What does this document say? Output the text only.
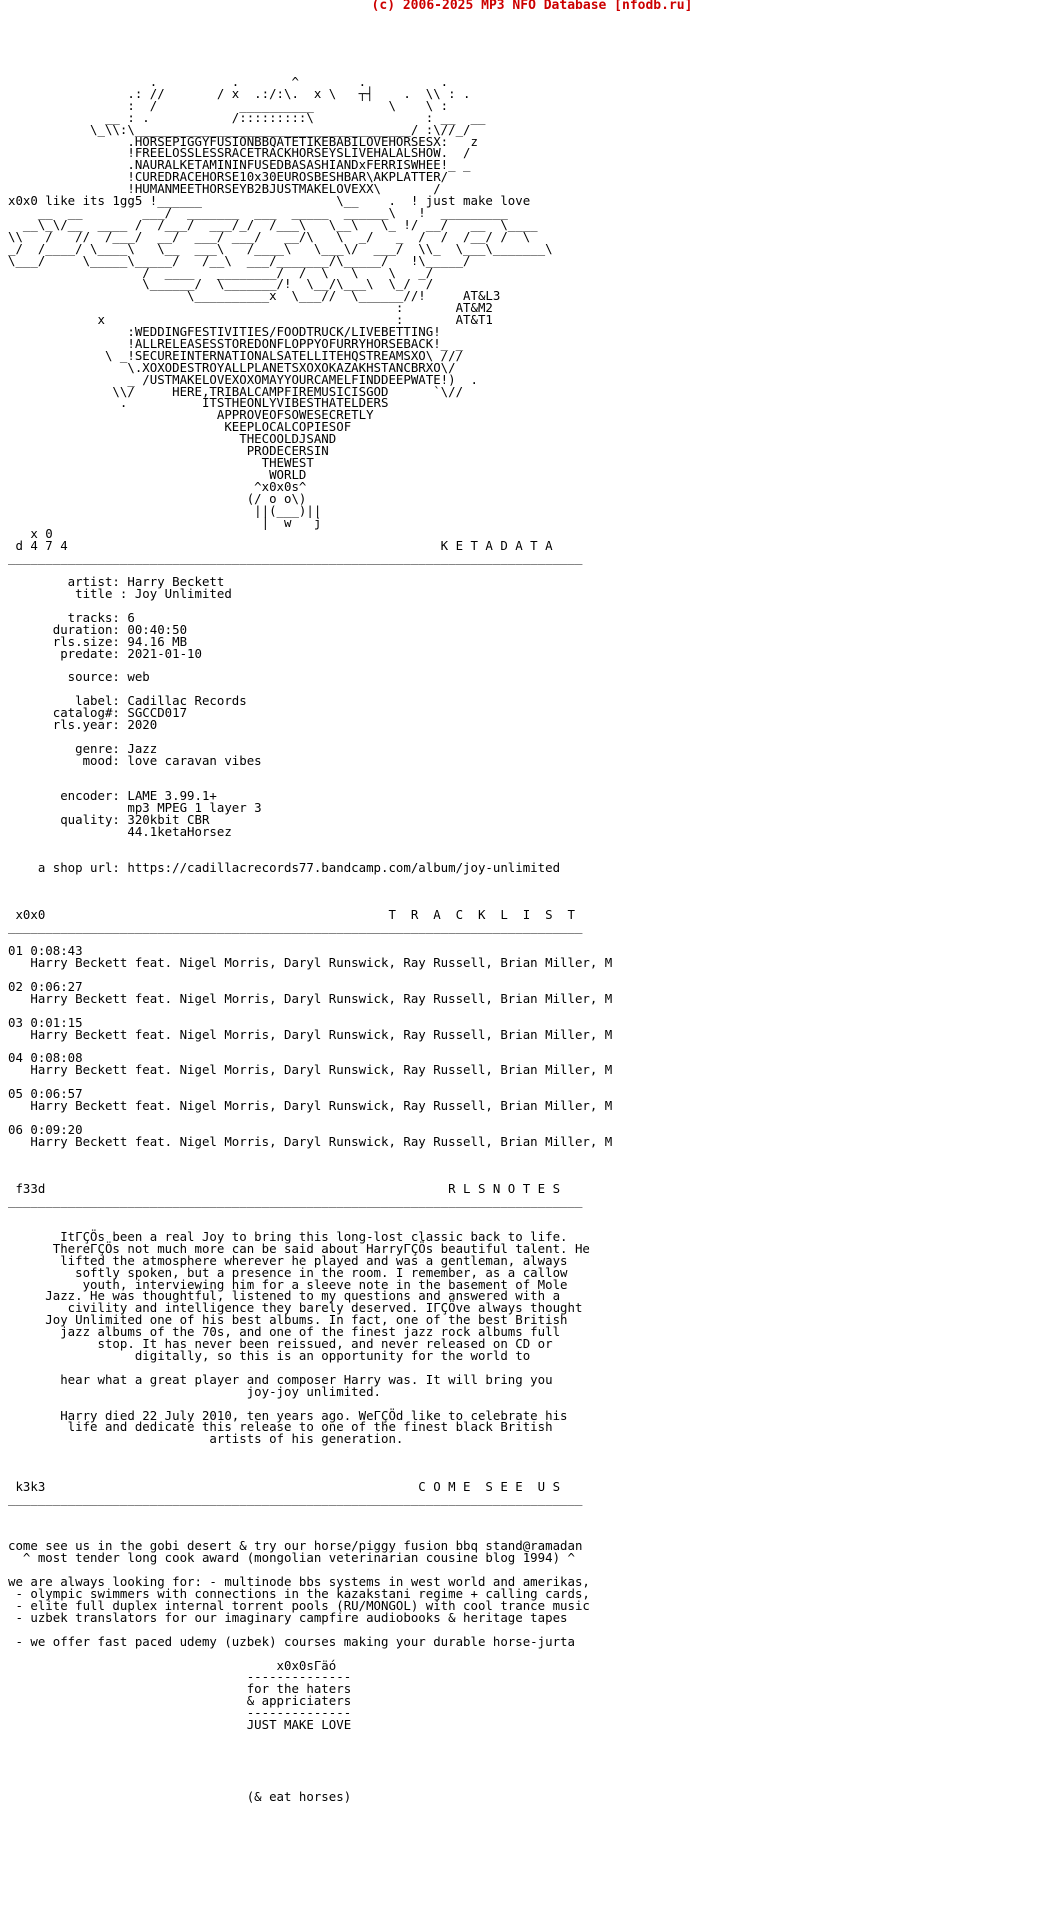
(c) 2006-2025 MP3 NFO Database [nfodb.ru]
.          .       ^        .          .
.: //       / x  .:/:\.  x \   ┬┤    .  \\ : .
:  /           __________          \    \ :
__ : .           /:::::::::\               : __  __
\_\\:\_____________________________________/ :\//_/
.HORSEPIGGYFUSIONBBQATETIKEBABILOVEHORSESX:   z
!FREELOSSLESSRACETRACKHORSEYSLIVEHALALSHOW.  /
.NAURALKETAMININFUSEDBASASHIANDxFERRISWHEE!_ _
!CUREDRACEHORSE10x30EUROSBESHBAR\AKPLATTER/
!HUMANMEETHORSEYB2BJUSTMAKELOVEXX\       /
x0x0 like its 1gg5 !______                  \__    .  ! just make love
__  __        ___/  _______  ___  _____  ______\   !  _________
__\_\/__  ____ /  /___/  ___/_/  /___\   \__\   \_ !/ __/   __  \____
\\   /   //  /___/  __/  ___/ ___/   __/\   \  _/   _  /  /  /__/ /  \
_/  /____/ \____\   \__  ___\   /____\   \___\/  ___/  \\_  \___\_______\
\___/     \_____\_____/   /__\  ___/_______/\_____/   !\_____/
/  ____   ________/  /  \   \    \   _/
\______/  \_______/!  \__/\___\  \_/  /
\__________x  \___//  \______//!     AT&L3
:       AT&M2
x                                       :       AT&T1
:WEDDINGFESTIVITIES/FOODTRUCK/LIVEBETTING!
!ALLRELEASESSTOREDONFLOPPYOFURRYHORSEBACK!_ _
\ _!SECUREINTERNATIONALSATELLITEHQSTREAMSXO\ ///
\.XOXODESTROYALLPLANETSXOXOKAZAKHSTANCBRXO\/
_ /USTMAKELOVEXOXOMAYYOURCAMELFINDDEEPWATE!)  .
\\/     HERE,TRIBALCAMPFIREMUSICISGOD      `\//
.          ITSTHEONLYVIBESTHATELDERS
APPROVEOFSOWESECRETLY
KEEPLOCALCOPIESOF
THECOOLDJSAND
PRODECERSIN
THEWEST
WORLD
^x0x0s^
(/ o o\)
||(___)||
|  w   j
x 0
d 4 7 4                                                  K E T A D A T A
_____________________________________________________________________________

artist: Harry Beckett
title : Joy Unlimited

tracks: 6
duration: 00:40:50
rls.size: 94.16 MB
predate: 2021-01-10

source: web

label: Cadillac Records
catalog#: SGCCD017
rls.year: 2020

genre: Jazz
mood: love caravan vibes

encoder: LAME 3.99.1+
mp3 MPEG 1 layer 3
quality: 320kbit CBR
44.1ketaHorsez

a shop url: https://cadillacrecords77.bandcamp.com/album/joy-unlimited

x0x0                                              T  R  A  C  K  L  I  S  T
_____________________________________________________________________________

01 0:08:43
Harry Beckett feat. Nigel Morris, Daryl Runswick, Ray Russell, Brian Miller, M

02 0:06:27
Harry Beckett feat. Nigel Morris, Daryl Runswick, Ray Russell, Brian Miller, M

03 0:01:15
Harry Beckett feat. Nigel Morris, Daryl Runswick, Ray Russell, Brian Miller, M

04 0:08:08
Harry Beckett feat. Nigel Morris, Daryl Runswick, Ray Russell, Brian Miller, M

05 0:06:57
Harry Beckett feat. Nigel Morris, Daryl Runswick, Ray Russell, Brian Miller, M

06 0:09:20
Harry Beckett feat. Nigel Morris, Daryl Runswick, Ray Russell, Brian Miller, M

f33d                                                      R L S N O T E S
_____________________________________________________________________________

ItΓÇÖs been a real Joy to bring this long-lost classic back to life.
ThereΓÇÖs not much more can be said about HarryΓÇÖs beautiful talent. He
lifted the atmosphere wherever he played and was a gentleman, always
softly spoken, but a presence in the room. I remember, as a callow
youth, interviewing him for a sleeve note in the basement of Mole
Jazz. He was thoughtful, listened to my questions and answered with a
civility and intelligence they barely deserved. IΓÇÖve always thought
Joy Unlimited one of his best albums. In fact, one of the best British
jazz albums of the 70s, and one of the finest jazz rock albums full
stop. It has never been reissued, and never released on CD or
digitally, so this is an opportunity for the world to

hear what a great player and composer Harry was. It will bring you
joy-joy unlimited.

Harry died 22 July 2010, ten years ago. WeΓÇÖd like to celebrate his
life and dedicate this release to one of the finest black British
artists of his generation.

k3k3                                                  C O M E  S E E  U S
_____________________________________________________________________________

come see us in the gobi desert & try our horse/piggy fusion bbq stand@ramadan
^ most tender long cook award (mongolian veterinarian cousine blog 1994) ^

we are always looking for: - multinode bbs systems in west world and amerikas,
- olympic swimmers with connections in the kazakstani regime + calling cards,
- elite full duplex internal torrent pools (RU/MONGOL) with cool trance music
- uzbek translators for our imaginary campfire audiobooks & heritage tapes

- we offer fast paced udemy (uzbek) courses making your durable horse-jurta

x0x0sΓäó
--------------
for the haters
& appriciaters
--------------
JUST MAKE LOVE

(& eat horses)
